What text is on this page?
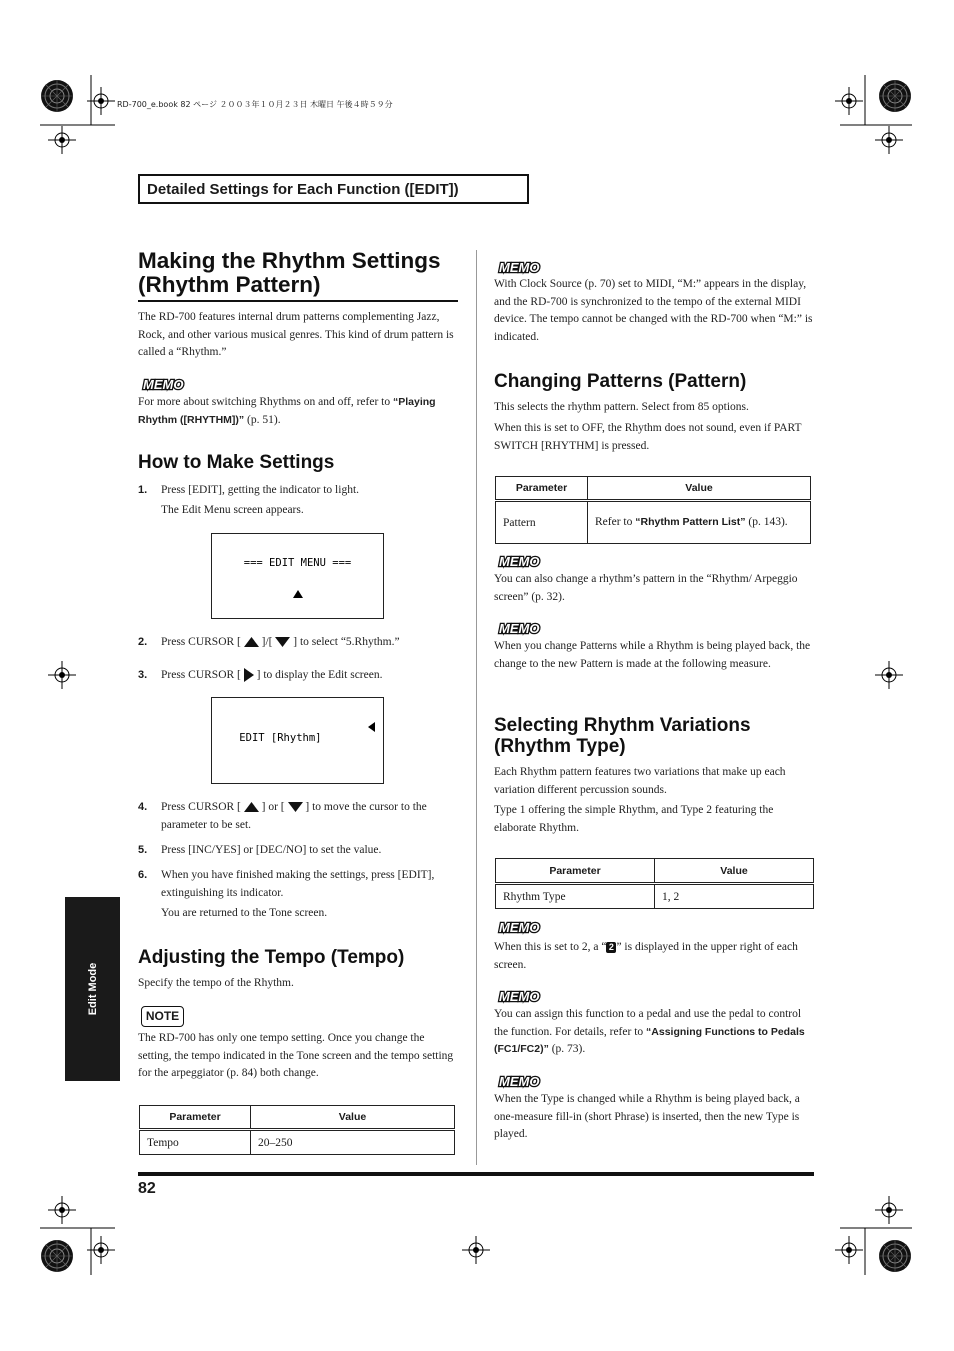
RD-700_e.book 82 ページ ２００３年１０月２３日 木曜日 午後４時５９分
Detailed Settings for Each Function ([EDIT])
Edit Mode
Making the Rhythm Settings (Rhythm Pattern)
The RD-700 features internal drum patterns complementing Jazz, Rock, and other various musical genres. This kind of drum pattern is called a “Rhythm.”
MEMO
For more about switching Rhythms on and off, refer to “Playing Rhythm ([RHYTHM])” (p. 51).
How to Make Settings
1. Press [EDIT], getting the indicator to light.
The Edit Menu screen appears.

=== EDIT MENU ===

2. Press CURSOR [ ]/[ ] to select “5.Rhythm.”
3. Press CURSOR [ ] to display the Edit screen.

EDIT [Rhythm]

4. Press CURSOR [ ] or [ ] to move the cursor to the parameter to be set.
5. Press [INC/YES] or [DEC/NO] to set the value.
6. When you have finished making the settings, press [EDIT], extinguishing its indicator.
You are returned to the Tone screen.
Adjusting the Tempo (Tempo)
Specify the tempo of the Rhythm.
NOTE
The RD-700 has only one tempo setting. Once you change the setting, the tempo indicated in the Tone screen and the tempo setting for the arpeggiator (p. 84) both change.
Parameter	Value
Tempo	20–250
MEMO
With Clock Source (p. 70) set to MIDI, “M:” appears in the display, and the RD-700 is synchronized to the tempo of the external MIDI device. The tempo cannot be changed with the RD-700 when “M:” is indicated.
Changing Patterns (Pattern)
This selects the rhythm pattern. Select from 85 options.
When this is set to OFF, the Rhythm does not sound, even if PART SWITCH [RHYTHM] is pressed.
Parameter	Value
Pattern	Refer to “Rhythm Pattern List” (p. 143).
MEMO
You can also change a rhythm’s pattern in the “Rhythm/ Arpeggio screen” (p. 32).
MEMO
When you change Patterns while a Rhythm is being played back, the change to the new Pattern is made at the following measure.
Selecting Rhythm Variations (Rhythm Type)
Each Rhythm pattern features two variations that make up each variation different percussion sounds.
Type 1 offering the simple Rhythm, and Type 2 featuring the elaborate Rhythm.
Parameter	Value
Rhythm Type	1, 2
MEMO
When this is set to 2, a “ 2 ” is displayed in the upper right of each screen.
MEMO
You can assign this function to a pedal and use the pedal to control the function. For details, refer to “Assigning Functions to Pedals (FC1/FC2)” (p. 73).
MEMO
When the Type is changed while a Rhythm is being played back, a one-measure fill-in (short Phrase) is inserted, then the new Type is played.
82
